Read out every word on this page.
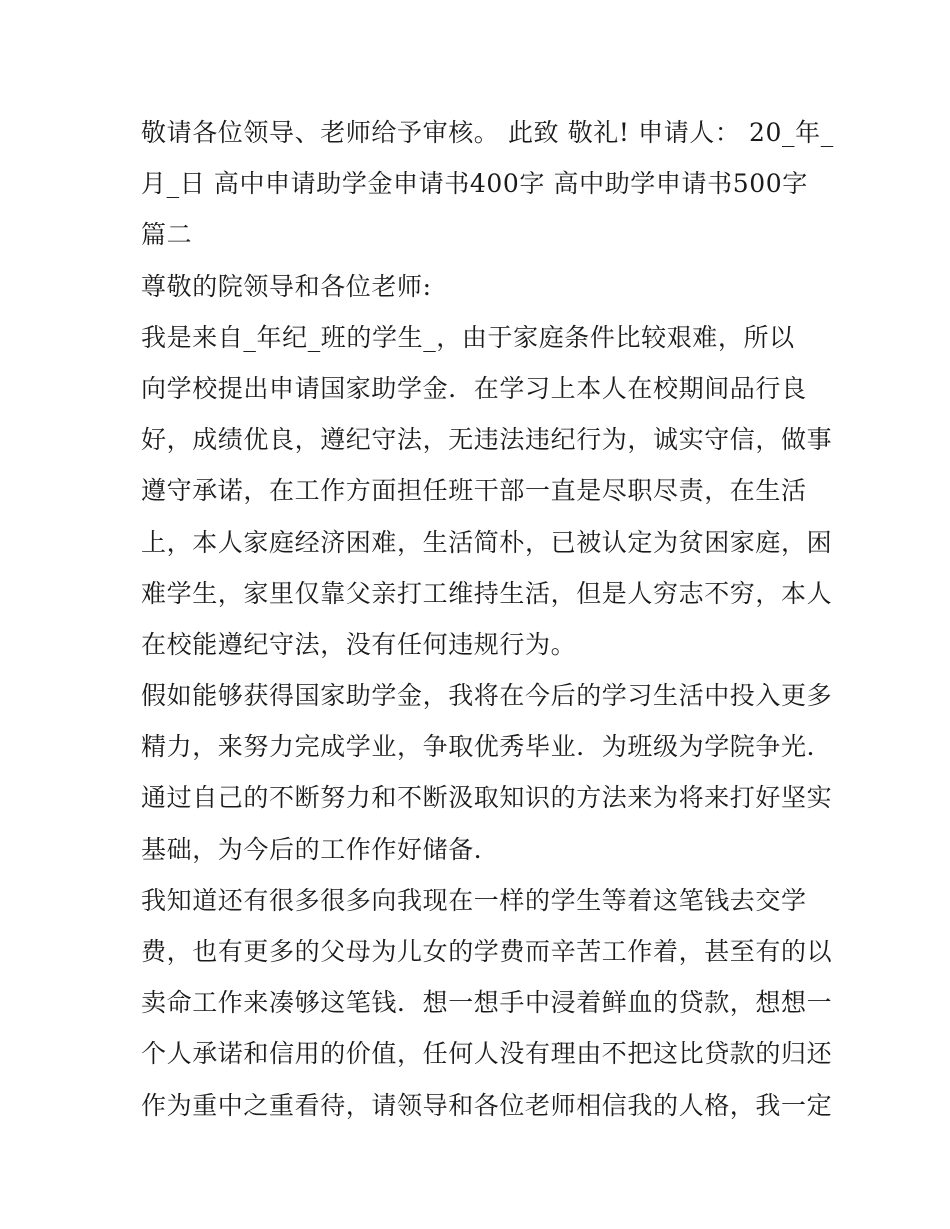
敬请各位领导、老师给予审核。 此致 敬礼! 申请人： 20_年_
月_日 高中申请助学金申请书400字 高中助学申请书500字
篇二
尊敬的院领导和各位老师:
我是来自_年纪_班的学生_，由于家庭条件比较艰难，所以
向学校提出申请国家助学金．在学习上本人在校期间品行良
好，成绩优良，遵纪守法，无违法违纪行为，诚实守信，做事
遵守承诺，在工作方面担任班干部一直是尽职尽责，在生活
上，本人家庭经济困难，生活简朴，已被认定为贫困家庭，困
难学生，家里仅靠父亲打工维持生活，但是人穷志不穷，本人
在校能遵纪守法，没有任何违规行为。
假如能够获得国家助学金，我将在今后的学习生活中投入更多
精力，来努力完成学业，争取优秀毕业．为班级为学院争光．
通过自己的不断努力和不断汲取知识的方法来为将来打好坚实
基础，为今后的工作作好储备．
我知道还有很多很多向我现在一样的学生等着这笔钱去交学
费，也有更多的父母为儿女的学费而辛苦工作着，甚至有的以
卖命工作来凑够这笔钱．想一想手中浸着鲜血的贷款，想想一
个人承诺和信用的价值，任何人没有理由不把这比贷款的归还
作为重中之重看待，请领导和各位老师相信我的人格，我一定
